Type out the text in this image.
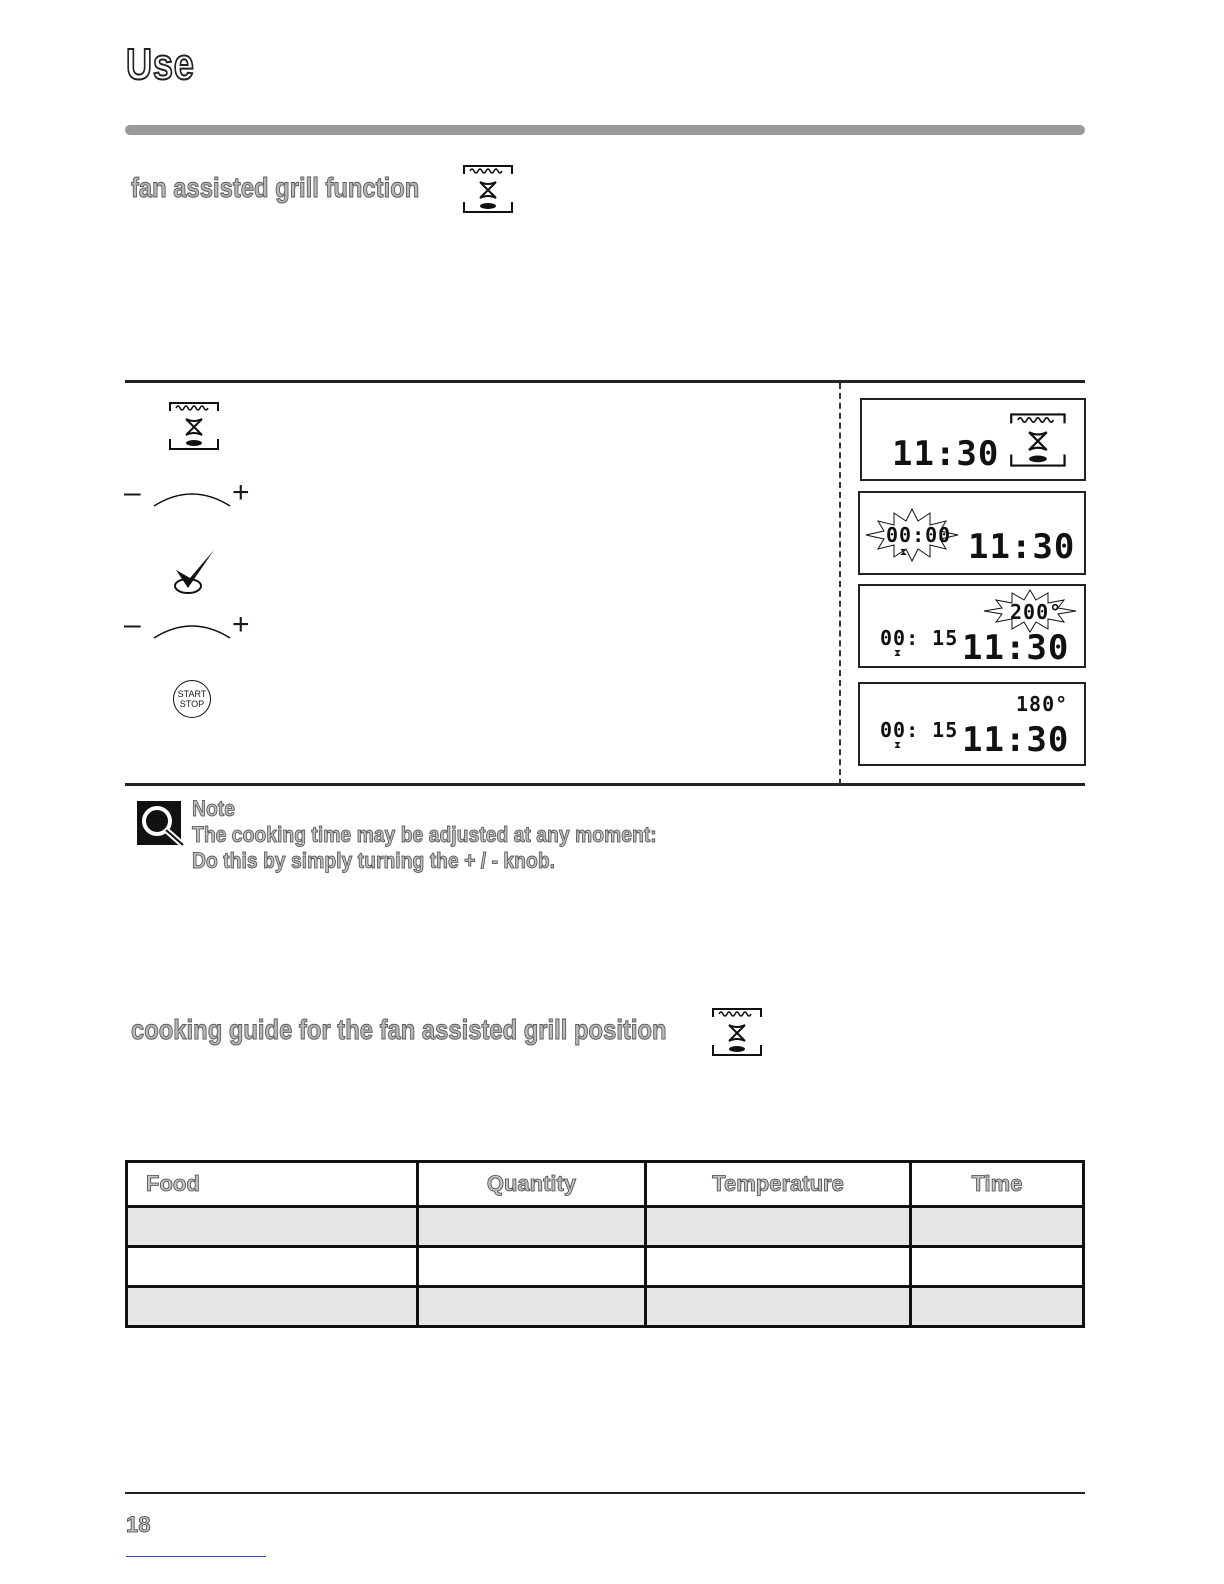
Use
fan assisted grill function
–	+
–	+
START
STOP
11:30
00:00
⧗ 11:30
200°
00: 15
⧗ 11:30
180°
00: 15
⧗ 11:30
Note
The cooking time may be adjusted at any moment:
Do this by simply turning the + / - knob.
cooking guide for the fan assisted grill position
Food	Quantity	Temperature	Time

18
